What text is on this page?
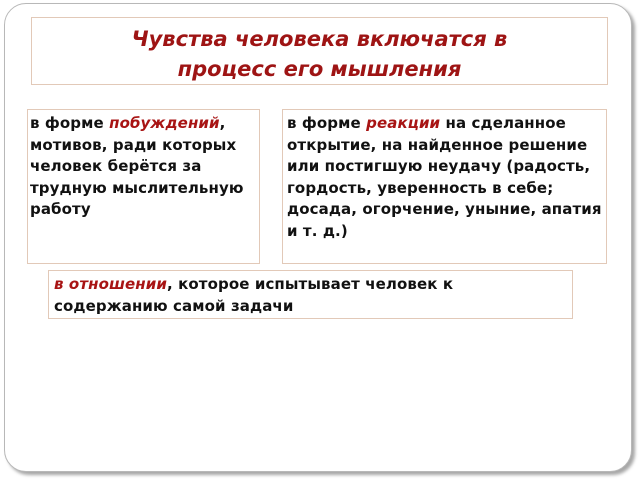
Чувства человека включатся в
процесс его мышления
в форме побуждений, мотивов, ради которых человек берётся за трудную мыслительную работу
в форме реакции на сделанное открытие, на найденное решение или постигшую неудачу (радость, гордость, уверенность в себе; досада, огорчение, уныние, апатия и т. д.)
в отношении, которое испытывает человек к содержанию самой задачи
